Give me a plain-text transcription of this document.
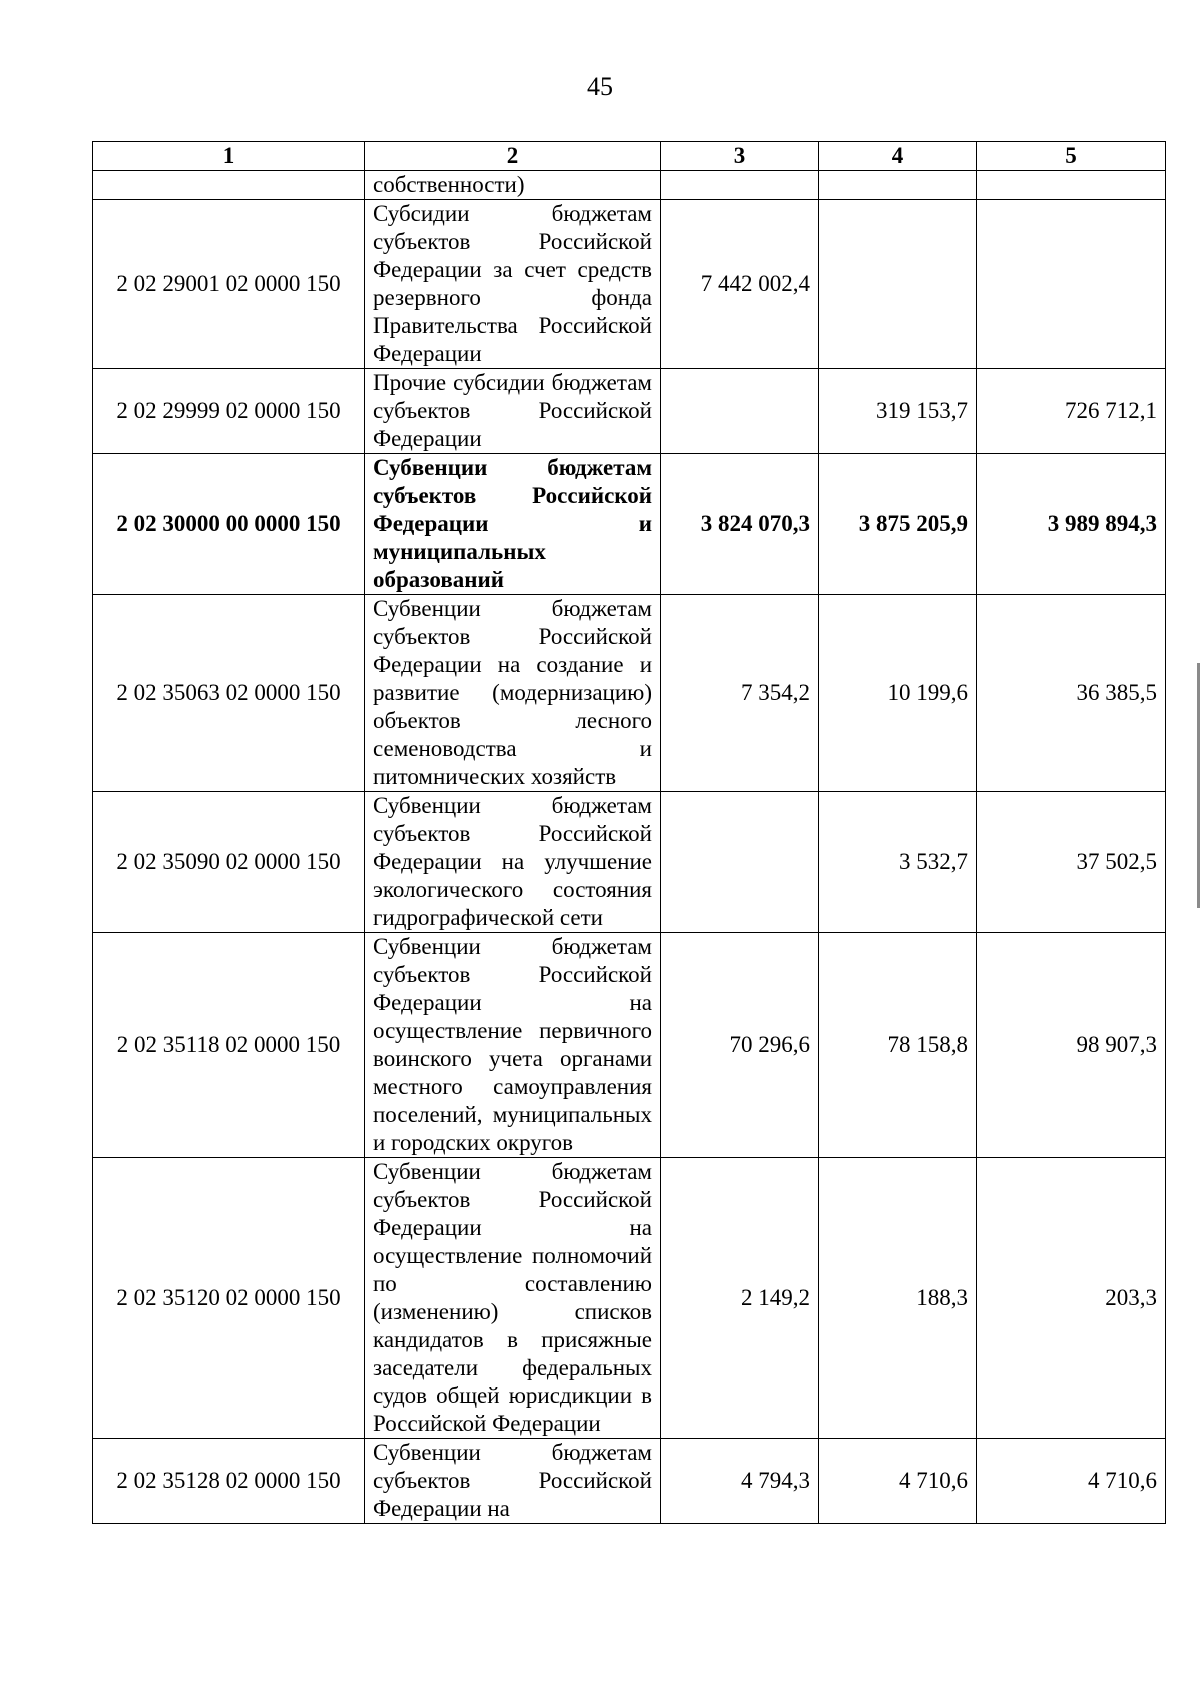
45
1	2	3	4	5
	собственности)			
2 02 29001 02 0000 150	Субсидии бюджетам субъектов Российской Федерации за счет средств резервного фонда Правительства Российской Федерации	7 442 002,4		
2 02 29999 02 0000 150	Прочие субсидии бюджетам субъектов Российской Федерации		319 153,7	726 712,1
2 02 30000 00 0000 150	Субвенции бюджетам субъектов Российской Федерации и муниципальных образований	3 824 070,3	3 875 205,9	3 989 894,3
2 02 35063 02 0000 150	Субвенции бюджетам субъектов Российской Федерации на создание и развитие (модернизацию) объектов лесного семеноводства и питомнических хозяйств	7 354,2	10 199,6	36 385,5
2 02 35090 02 0000 150	Субвенции бюджетам субъектов Российской Федерации на улучшение экологического состояния гидрографической сети		3 532,7	37 502,5
2 02 35118 02 0000 150	Субвенции бюджетам субъектов Российской Федерации на осуществление первичного воинского учета органами местного самоуправления поселений, муниципальных и городских округов	70 296,6	78 158,8	98 907,3
2 02 35120 02 0000 150	Субвенции бюджетам субъектов Российской Федерации на осуществление полномочий по составлению (изменению) списков кандидатов в присяжные заседатели федеральных судов общей юрисдикции в Российской Федерации	2 149,2	188,3	203,3
2 02 35128 02 0000 150	Субвенции бюджетам субъектов Российской Федерации на	4 794,3	4 710,6	4 710,6
